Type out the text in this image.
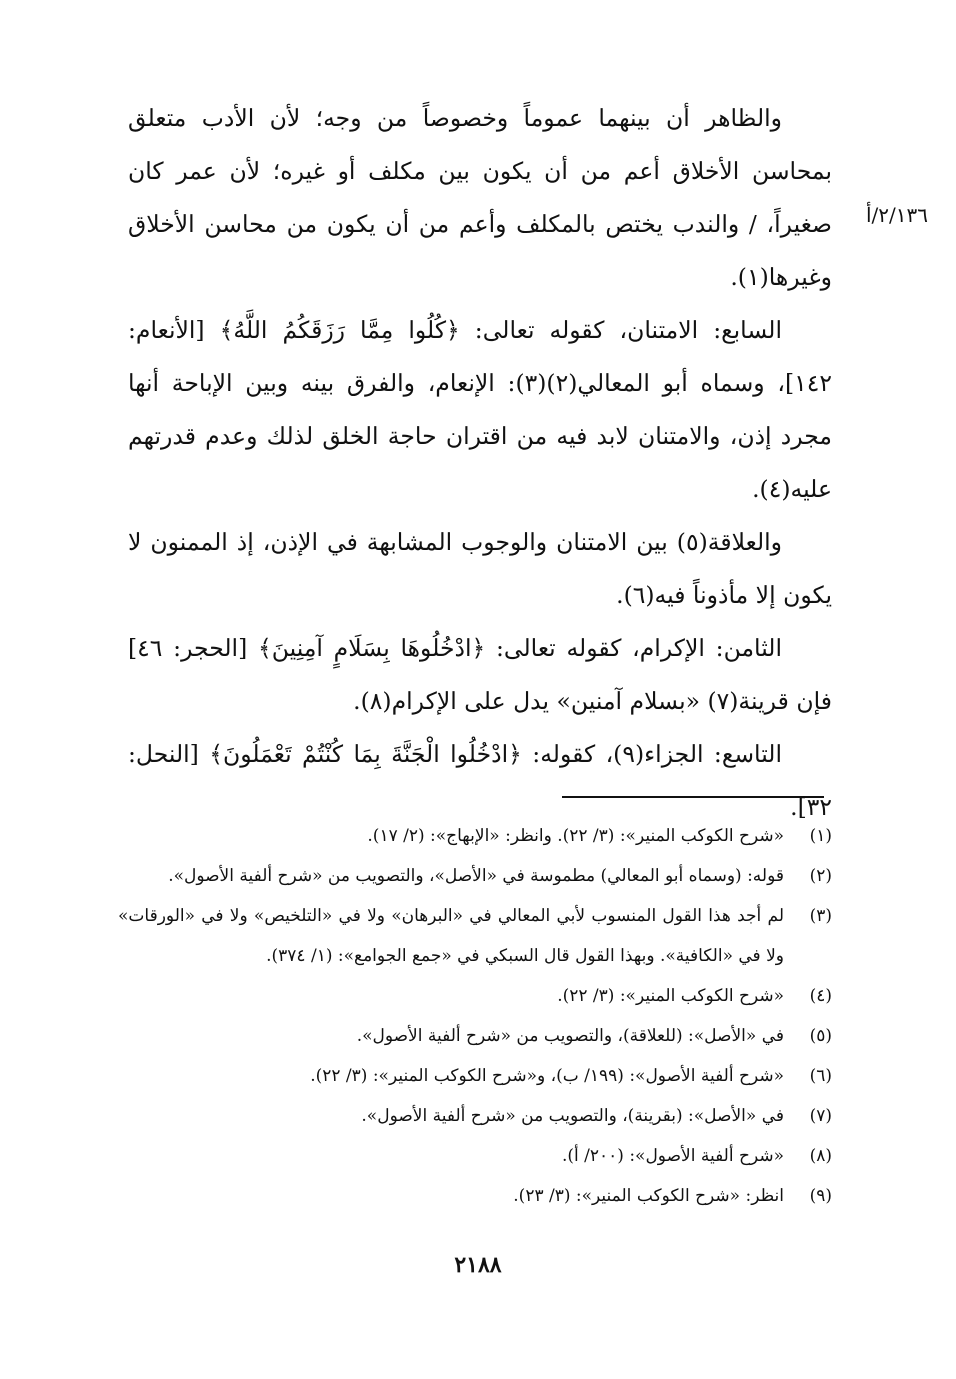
٢/١٣٦/أ

والظاهر أن بينهما عموماً وخصوصاً من وجه؛ لأن الأدب متعلق بمحاسن الأخلاق أعم من أن يكون بين مكلف أو غيره؛ لأن عمر كان صغيراً، / والندب يختص بالمكلف وأعم من أن يكون من محاسن الأخلاق وغيرها(١).

السابع: الامتنان، كقوله تعالى: ﴿كُلُوا مِمَّا رَزَقَكُمُ اللَّهُ﴾ [الأنعام: ١٤٢]، وسماه أبو المعالي(٢)(٣): الإنعام، والفرق بينه وبين الإباحة أنها مجرد إذن، والامتنان لابد فيه من اقتران حاجة الخلق لذلك وعدم قدرتهم عليه(٤).

والعلاقة(٥) بين الامتنان والوجوب المشابهة في الإذن، إذ الممنون لا يكون إلا مأذوناً فيه(٦).

الثامن: الإكرام، كقوله تعالى: ﴿ادْخُلُوهَا بِسَلَامٍ آمِنِينَ﴾ [الحجر: ٤٦] فإن قرينة(٧) «بسلام آمنين» يدل على الإكرام(٨).

التاسع: الجزاء(٩)، كقوله: ﴿ادْخُلُوا الْجَنَّةَ بِمَا كُنْتُمْ تَعْمَلُونَ﴾ [النحل: ٣٢].

(١)
«شرح الكوكب المنير»: (٣/ ٢٢). وانظر: «الإبهاج»: (٢/ ١٧).
(٢)
قوله: (وسماه أبو المعالي) مطموسة في «الأصل»، والتصويب من «شرح ألفية الأصول».
(٣)
لم أجد هذا القول المنسوب لأبي المعالي في «البرهان» ولا في «التلخيص» ولا في «الورقات» ولا في «الكافية». وبهذا القول قال السبكي في «جمع الجوامع»: (١/ ٣٧٤).
(٤)
«شرح الكوكب المنير»: (٣/ ٢٢).
(٥)
في «الأصل»: (للعلاقة)، والتصويب من «شرح ألفية الأصول».
(٦)
«شرح ألفية الأصول»: (١٩٩/ ب)، و«شرح الكوكب المنير»: (٣/ ٢٢).
(٧)
في «الأصل»: (بقرينة)، والتصويب من «شرح ألفية الأصول».
(٨)
«شرح ألفية الأصول»: (٢٠٠/ أ).
(٩)
انظر: «شرح الكوكب المنير»: (٣/ ٢٣).
٢١٨٨
